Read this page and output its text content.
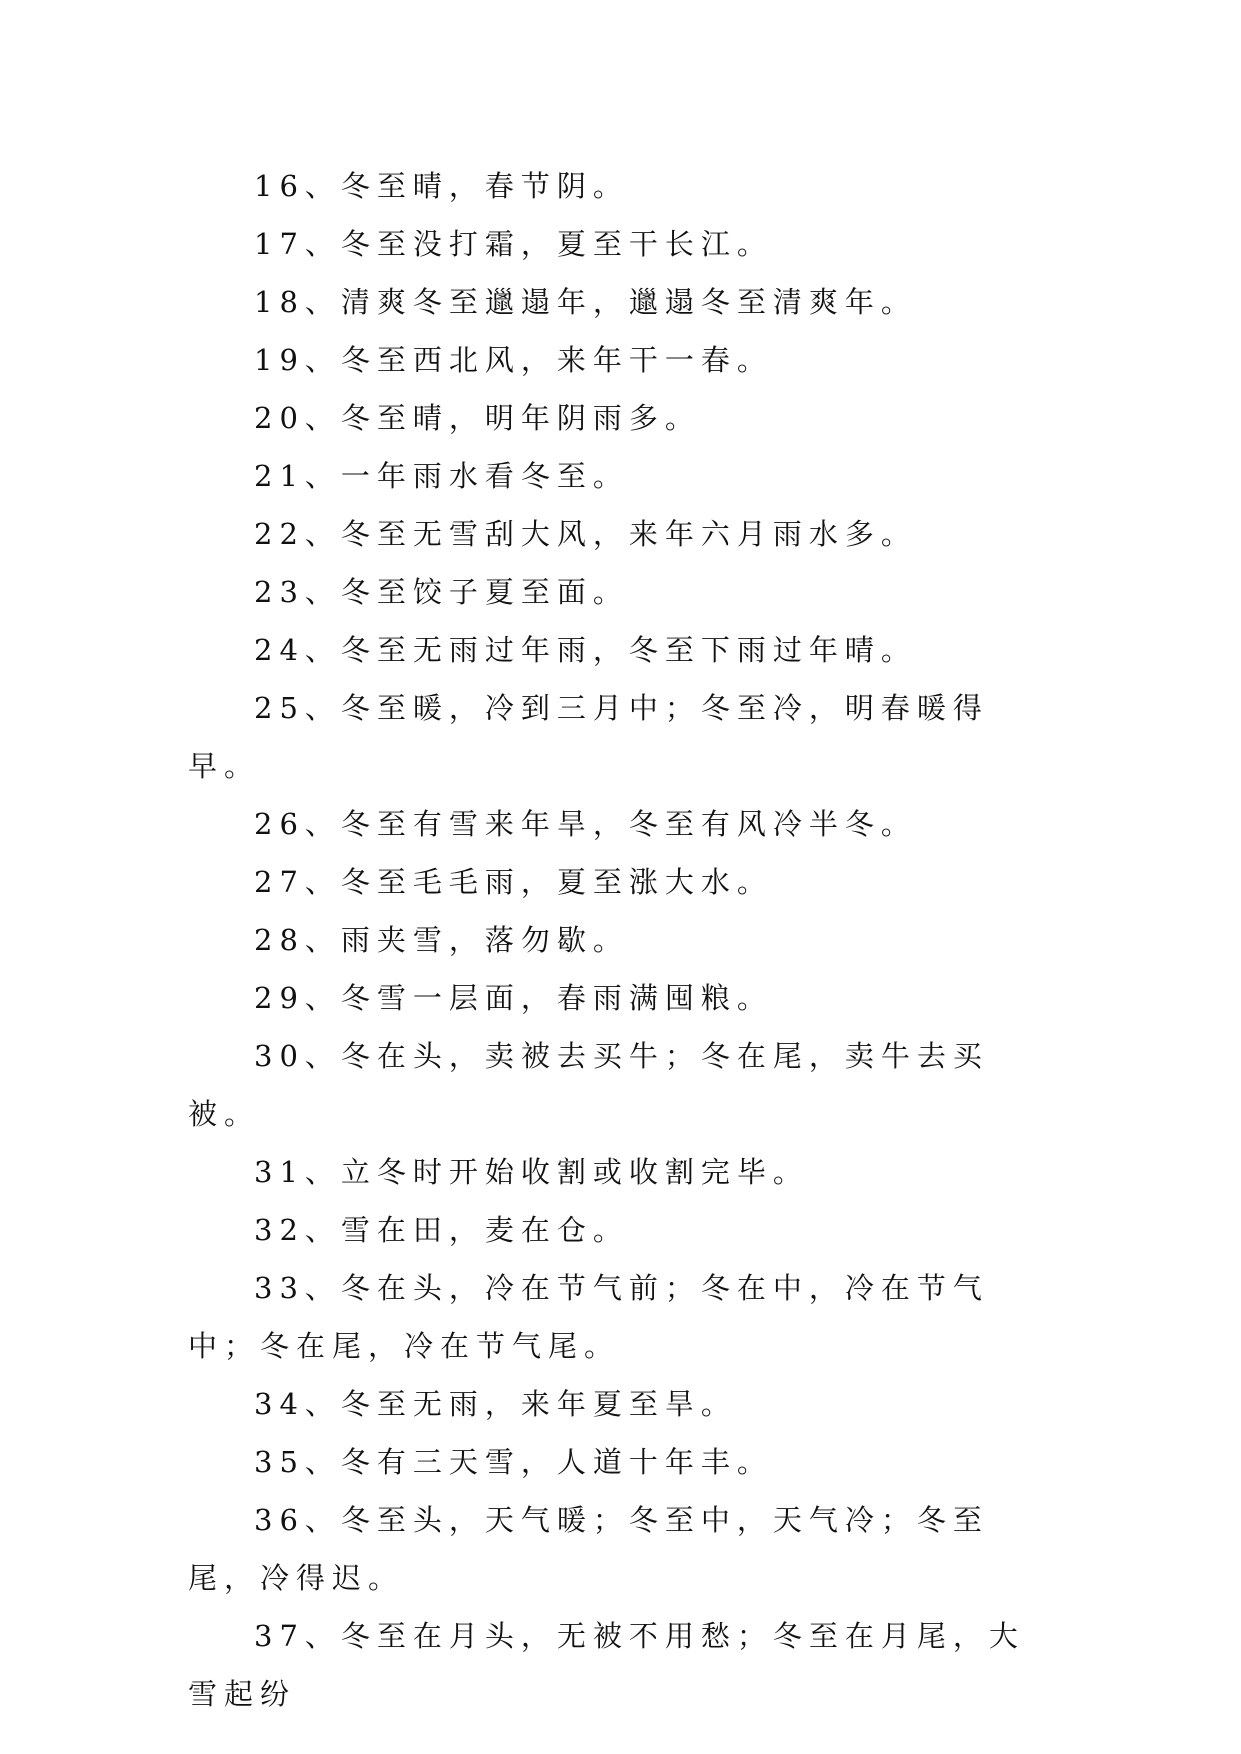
16、冬至晴，春节阴。

17、冬至没打霜，夏至干长江。

18、清爽冬至邋遢年，邋遢冬至清爽年。

19、冬至西北风，来年干一春。

20、冬至晴，明年阴雨多。

21、一年雨水看冬至。

22、冬至无雪刮大风，来年六月雨水多。

23、冬至饺子夏至面。

24、冬至无雨过年雨，冬至下雨过年晴。

25、冬至暖，冷到三月中；冬至冷，明春暖得早。

26、冬至有雪来年旱，冬至有风冷半冬。

27、冬至毛毛雨，夏至涨大水。

28、雨夹雪，落勿歇。

29、冬雪一层面，春雨满囤粮。

30、冬在头，卖被去买牛；冬在尾，卖牛去买被。

31、立冬时开始收割或收割完毕。

32、雪在田，麦在仓。

33、冬在头，冷在节气前；冬在中，冷在节气中；冬在尾，冷在节气尾。

34、冬至无雨，来年夏至旱。

35、冬有三天雪，人道十年丰。

36、冬至头，天气暖；冬至中，天气冷；冬至尾，冷得迟。

37、冬至在月头，无被不用愁；冬至在月尾，大雪起纷
